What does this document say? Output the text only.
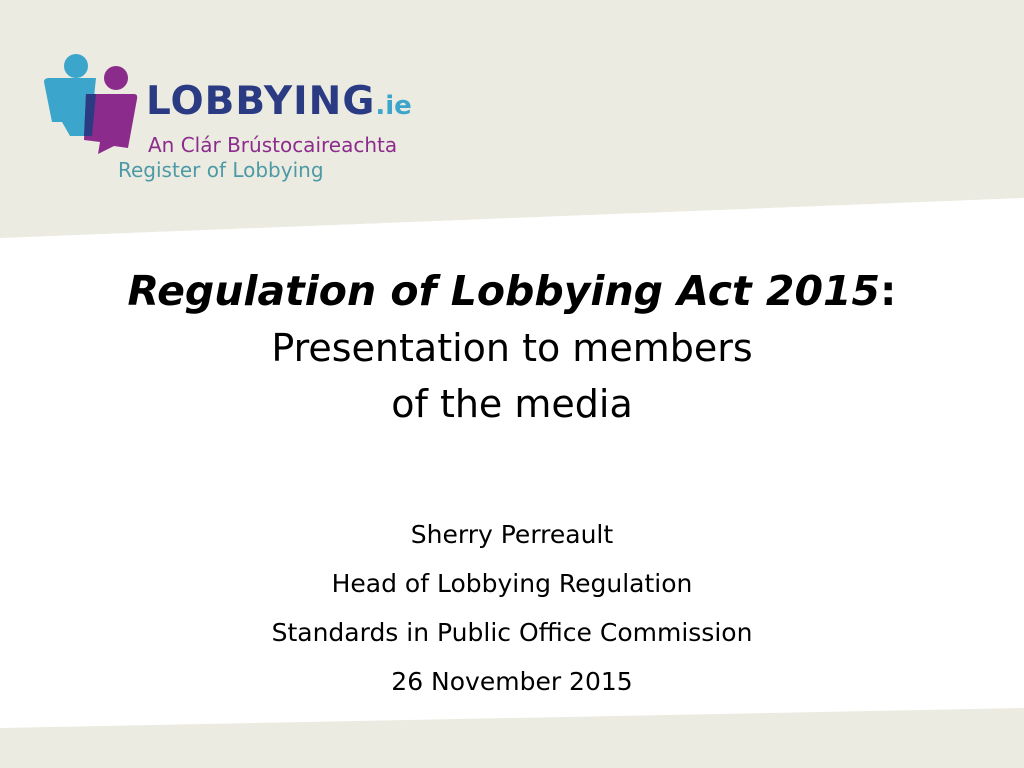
LOBBYING.ie
An Clár Brústocaireachta
Register of Lobbying
Regulation of Lobbying Act 2015:
Presentation to members
of the media
Sherry Perreault
Head of Lobbying Regulation
Standards in Public Office Commission
26 November 2015
